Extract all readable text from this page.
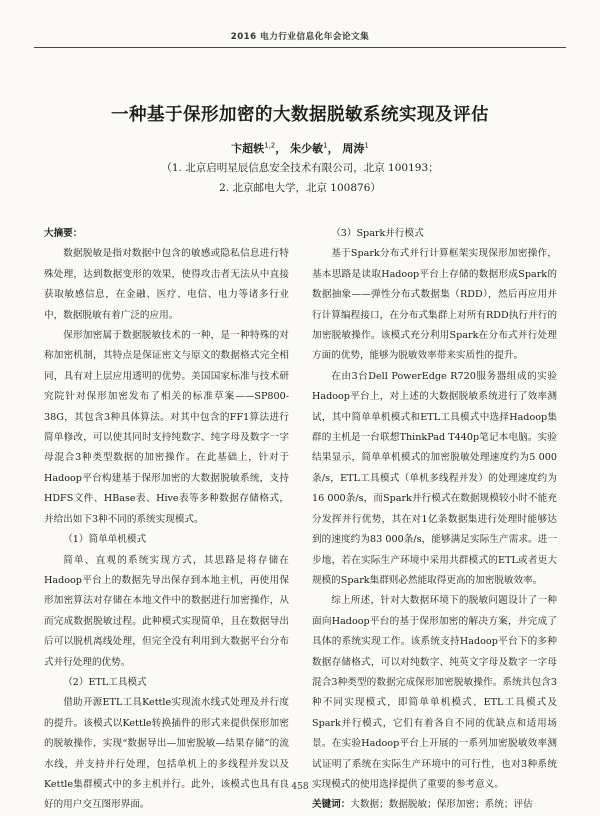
2016 电力行业信息化年会论文集
一种基于保形加密的大数据脱敏系统实现及评估
卞超轶$^{1,2}$， 朱少敏$^1$， 周涛$^1$
（1. 北京启明星辰信息安全技术有限公司，北京 100193；
2. 北京邮电大学，北京 100876）
大摘要：

数据脱敏是指对数据中包含的敏感或隐私信息进行特殊处理，达到数据变形的效果，使得攻击者无法从中直接获取敏感信息，在金融、医疗、电信、电力等诸多行业中，数据脱敏有着广泛的应用。

保形加密属于数据脱敏技术的一种，是一种特殊的对称加密机制，其特点是保证密文与原文的数据格式完全相同，具有对上层应用透明的优势。美国国家标准与技术研究院针对保形加密发布了相关的标准草案——SP800-38G，其包含3种具体算法。对其中包含的FF1算法进行简单修改，可以使其同时支持纯数字、纯字母及数字一字母混合3种类型数据的加密操作。在此基础上，针对于Hadoop平台构建基于保形加密的大数据脱敏系统，支持HDFS文件、HBase表、Hive表等多种数据存储格式，并给出如下3种不同的系统实现模式。

（1）简单单机模式

简单、直观的系统实现方式，其思路是将存储在Hadoop平台上的数据先导出保存到本地主机，再使用保形加密算法对存储在本地文件中的数据进行加密操作，从而完成数据脱敏过程。此种模式实现简单，且在数据导出后可以脱机离线处理，但完全没有利用到大数据平台分布式并行处理的优势。

（2）ETL工具模式

借助开源ETL工具Kettle实现流水线式处理及并行度的提升。该模式以Kettle转换插件的形式来提供保形加密的脱敏操作，实现“数据导出—加密脱敏—结果存储”的流水线，并支持并行处理，包括单机上的多线程并发以及Kettle集群模式中的多主机并行。此外，该模式也具有良好的用户交互图形界面。

（3）Spark并行模式

基于Spark分布式并行计算框架实现保形加密操作，基本思路是读取Hadoop平台上存储的数据形成Spark的数据抽象——弹性分布式数据集（RDD），然后再应用并行计算编程接口，在分布式集群上对所有RDD执行并行的加密脱敏操作。该模式充分利用Spark在分布式并行处理方面的优势，能够为脱敏效率带来实质性的提升。

在由3台Dell PowerEdge R720服务器组成的实验Hadoop平台上，对上述的大数据脱敏系统进行了效率测试，其中简单单机模式和ETL工具模式中选择Hadoop集群的主机是一台联想ThinkPad T440p笔记本电脑。实验结果显示，简单单机模式的加密脱敏处理速度约为5 000条/s，ETL工具模式（单机多线程并发）的处理速度约为16 000条/s，而Spark并行模式在数据规模较小时不能充分发挥并行优势，其在对1亿条数据集进行处理时能够达到的速度约为83 000条/s，能够满足实际生产需求。进一步地，若在实际生产环境中采用共群模式的ETL或者更大规模的Spark集群则必然能取得更高的加密脱敏效率。

综上所述，针对大数据环境下的脱敏问题设计了一种面向Hadoop平台的基于保形加密的解决方案，并完成了具体的系统实现工作。该系统支持Hadoop平台下的多种数据存储格式，可以对纯数字、纯英文字母及数字一字母混合3种类型的数据完成保形加密脱敏操作。系统共包含3种不同实现模式，即简单单机模式、ETL工具模式及Spark并行模式，它们有着各自不同的优缺点和适用场景。在实验Hadoop平台上开展的一系列加密脱敏效率测试证明了系统在实际生产环境中的可行性，也对3种系统实现模式的使用选择提供了重要的参考意义。

关键词：大数据；数据脱敏；保形加密；系统；评估

458
